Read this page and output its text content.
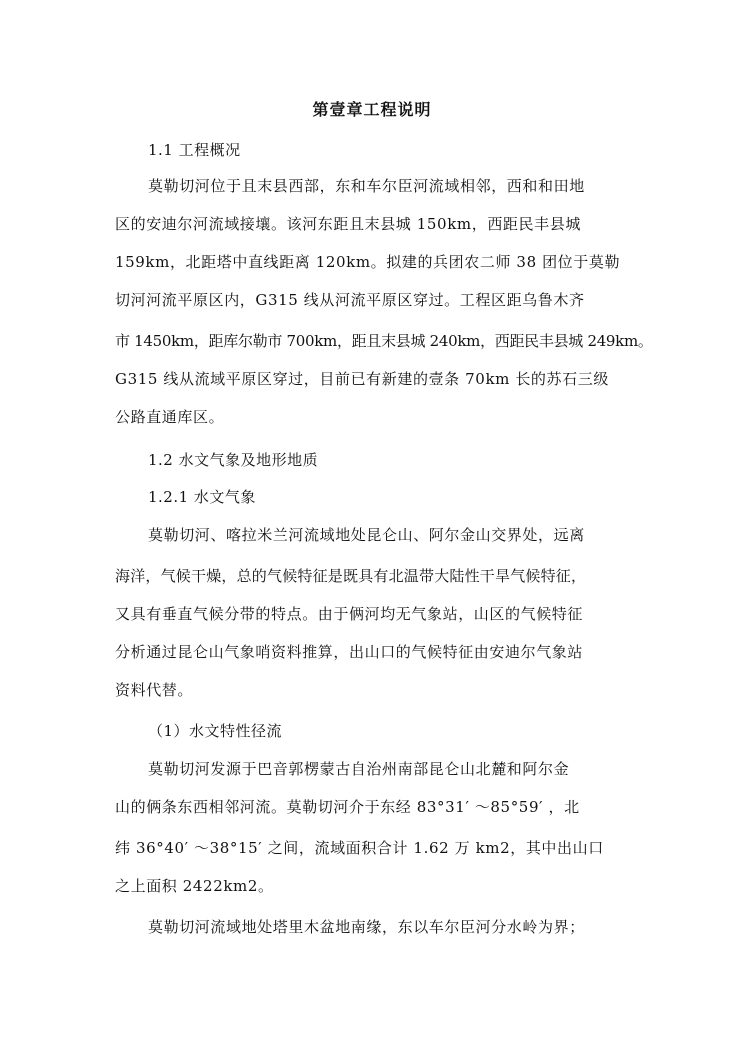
第壹章工程说明
1.1 工程概况
莫勒切河位于且末县西部，东和车尔臣河流域相邻，西和和田地
区的安迪尔河流域接壤。该河东距且末县城 150km，西距民丰县城
159km，北距塔中直线距离 120km。拟建的兵团农二师 38 团位于莫勒
切河河流平原区内，G315 线从河流平原区穿过。工程区距乌鲁木齐
市 1450km，距库尔勒市 700km，距且末县城 240km，西距民丰县城 249km。
G315 线从流域平原区穿过，目前已有新建的壹条 70km 长的苏石三级
公路直通库区。
1.2 水文气象及地形地质
1.2.1 水文气象
莫勒切河、喀拉米兰河流域地处昆仑山、阿尔金山交界处，远离
海洋，气候干燥，总的气候特征是既具有北温带大陆性干旱气候特征，
又具有垂直气候分带的特点。由于俩河均无气象站，山区的气候特征
分析通过昆仑山气象哨资料推算，出山口的气候特征由安迪尔气象站
资料代替。
（1）水文特性径流
莫勒切河发源于巴音郭楞蒙古自治州南部昆仑山北麓和阿尔金
山的俩条东西相邻河流。莫勒切河介于东经 83°31′ ～85°59′ ，北
纬 36°40′ ～38°15′ 之间，流域面积合计 1.62 万 km2，其中出山口
之上面积 2422km2。
莫勒切河流域地处塔里木盆地南缘，东以车尔臣河分水岭为界；
